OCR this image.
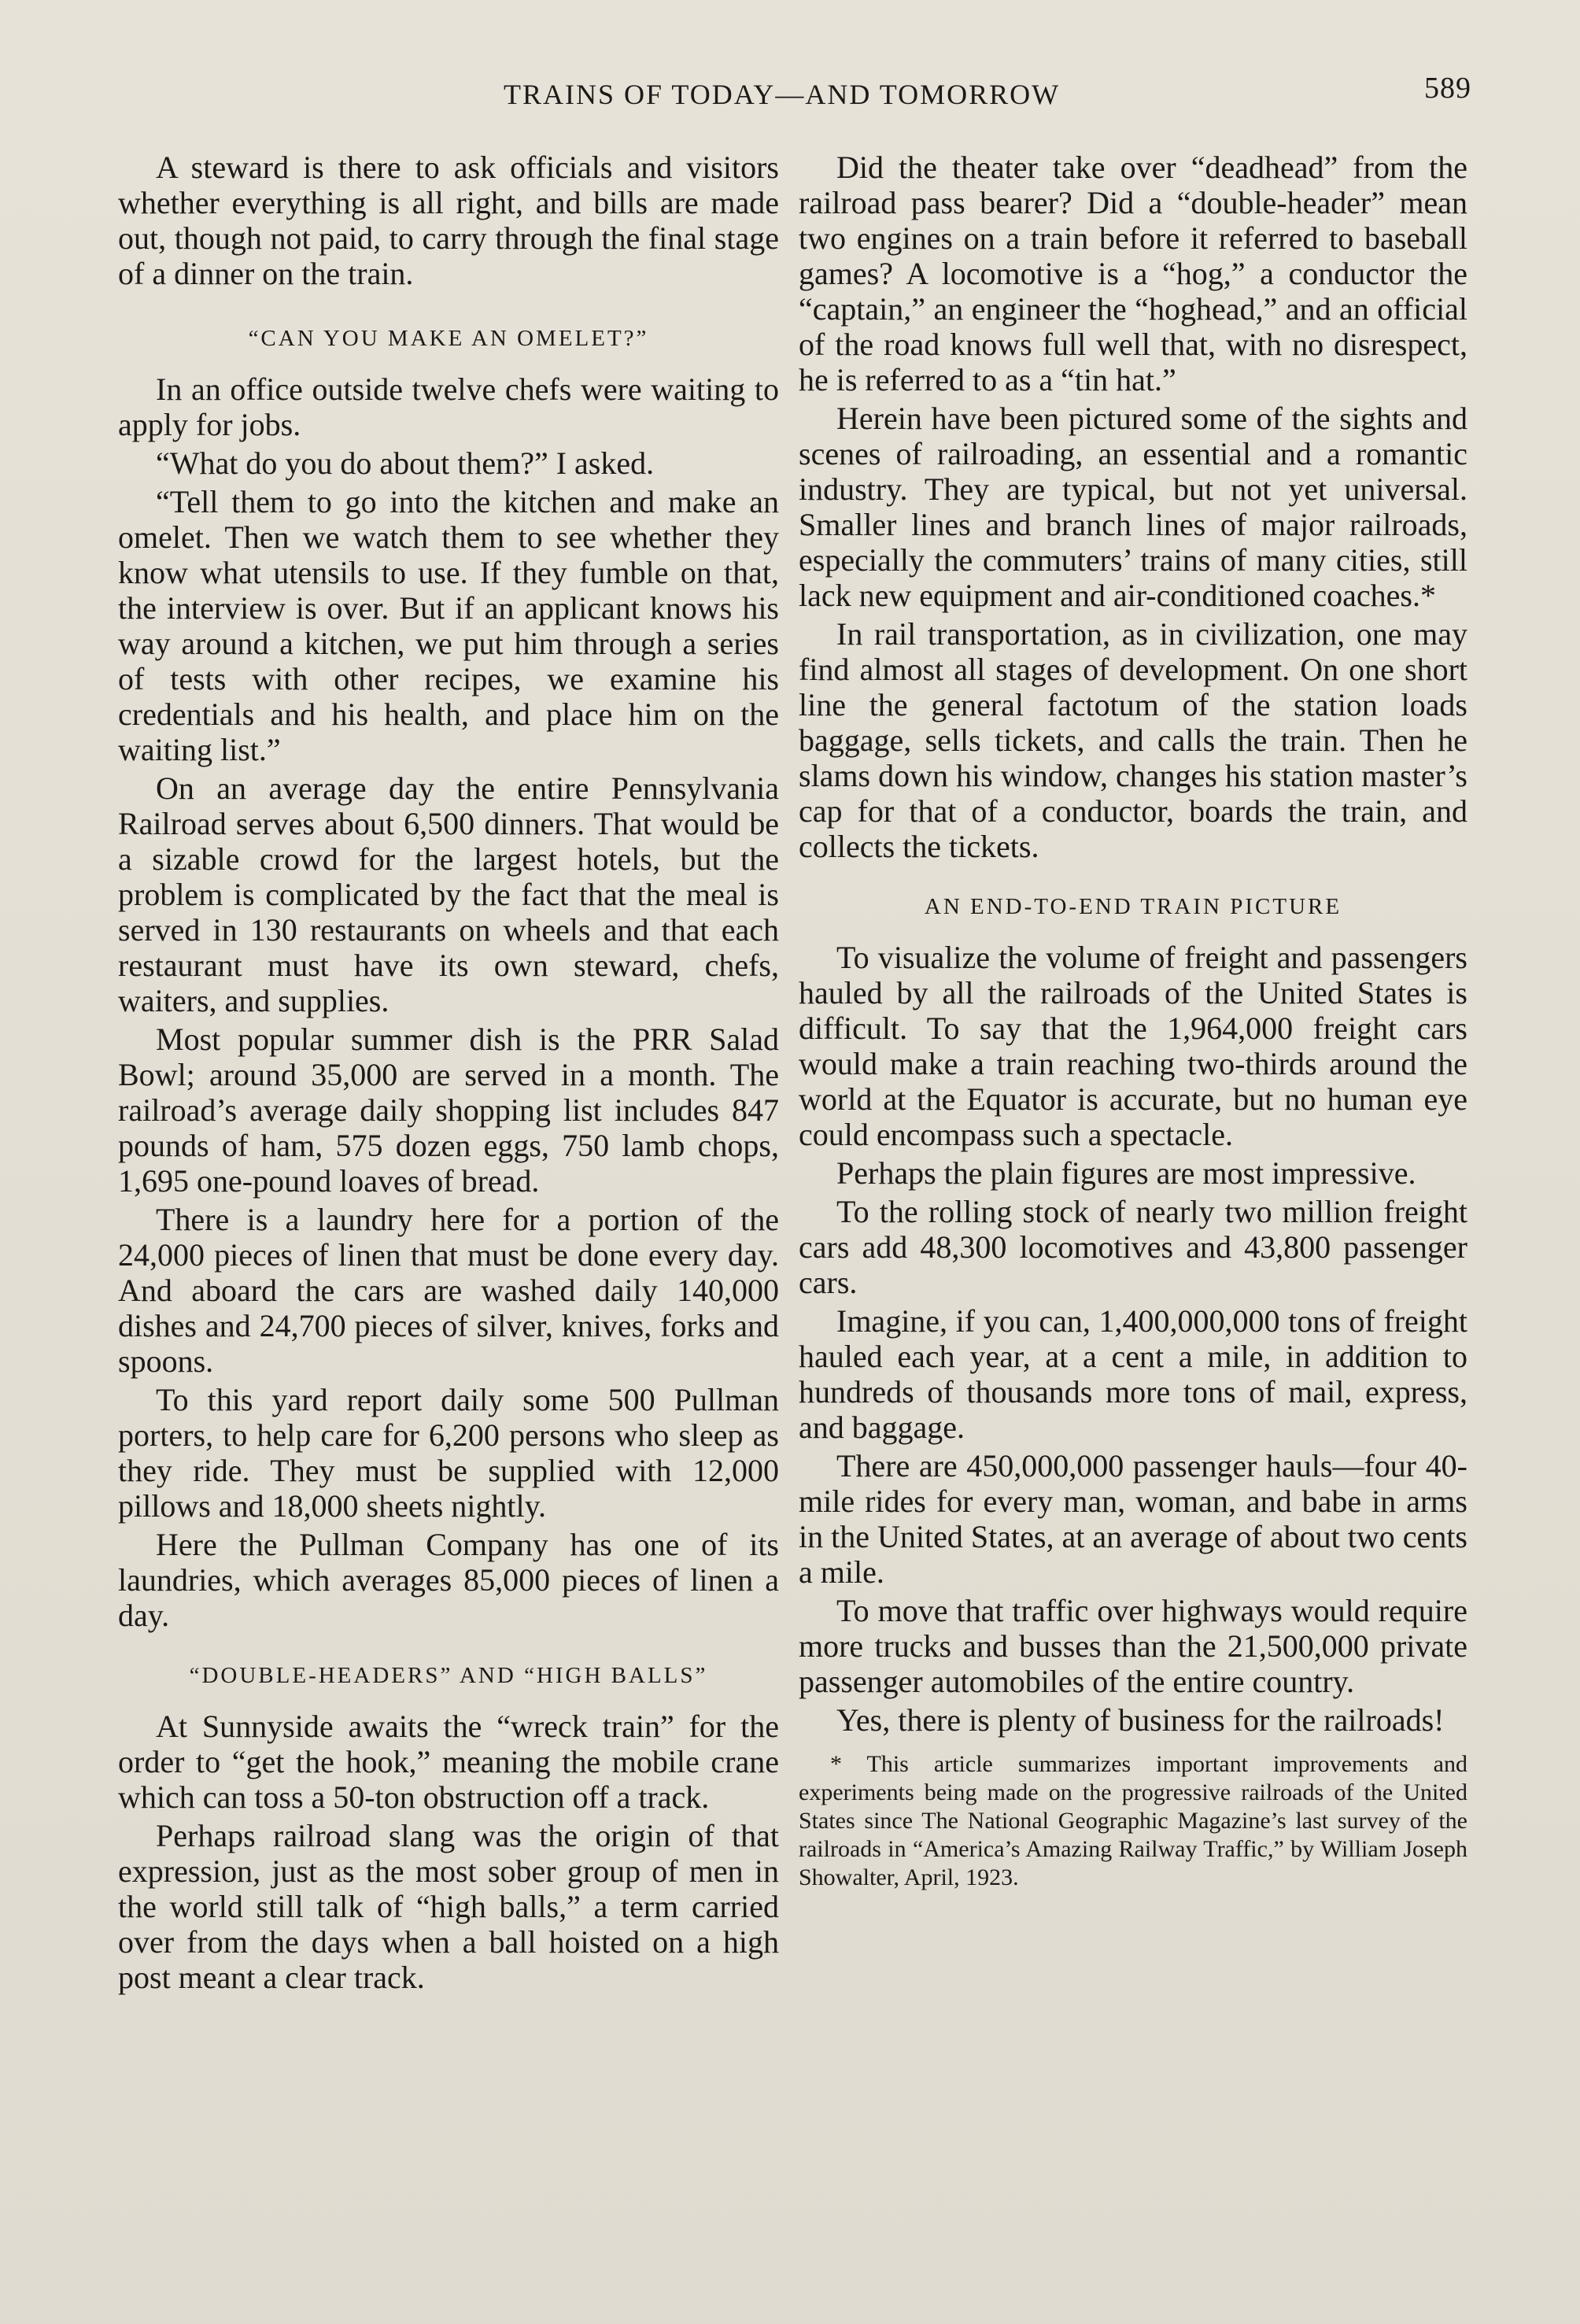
TRAINS OF TODAY—AND TOMORROW	589

A steward is there to ask officials and visitors whether everything is all right, and bills are made out, though not paid, to carry through the final stage of a dinner on the train.

“CAN YOU MAKE AN OMELET?”

In an office outside twelve chefs were waiting to apply for jobs.

“What do you do about them?” I asked.

“Tell them to go into the kitchen and make an omelet. Then we watch them to see whether they know what utensils to use. If they fumble on that, the interview is over. But if an applicant knows his way around a kitchen, we put him through a series of tests with other recipes, we examine his credentials and his health, and place him on the waiting list.”

On an average day the entire Pennsylvania Railroad serves about 6,500 dinners. That would be a sizable crowd for the largest hotels, but the problem is complicated by the fact that the meal is served in 130 restaurants on wheels and that each restaurant must have its own steward, chefs, waiters, and supplies.

Most popular summer dish is the PRR Salad Bowl; around 35,000 are served in a month. The railroad’s average daily shopping list includes 847 pounds of ham, 575 dozen eggs, 750 lamb chops, 1,695 one-pound loaves of bread.

There is a laundry here for a portion of the 24,000 pieces of linen that must be done every day. And aboard the cars are washed daily 140,000 dishes and 24,700 pieces of silver, knives, forks and spoons.

To this yard report daily some 500 Pullman porters, to help care for 6,200 persons who sleep as they ride. They must be supplied with 12,000 pillows and 18,000 sheets nightly.

Here the Pullman Company has one of its laundries, which averages 85,000 pieces of linen a day.

“DOUBLE-HEADERS” AND “HIGH BALLS”

At Sunnyside awaits the “wreck train” for the order to “get the hook,” meaning the mobile crane which can toss a 50-ton obstruction off a track.

Perhaps railroad slang was the origin of that expression, just as the most sober group of men in the world still talk of “high balls,” a term carried over from the days when a ball hoisted on a high post meant a clear track.

Did the theater take over “deadhead” from the railroad pass bearer? Did a “double-header” mean two engines on a train before it referred to baseball games? A locomotive is a “hog,” a conductor the “captain,” an engineer the “hoghead,” and an official of the road knows full well that, with no disrespect, he is referred to as a “tin hat.”

Herein have been pictured some of the sights and scenes of railroading, an essential and a romantic industry. They are typical, but not yet universal. Smaller lines and branch lines of major railroads, especially the commuters’ trains of many cities, still lack new equipment and air-conditioned coaches.*

In rail transportation, as in civilization, one may find almost all stages of development. On one short line the general factotum of the station loads baggage, sells tickets, and calls the train. Then he slams down his window, changes his station master’s cap for that of a conductor, boards the train, and collects the tickets.

AN END-TO-END TRAIN PICTURE

To visualize the volume of freight and passengers hauled by all the railroads of the United States is difficult. To say that the 1,964,000 freight cars would make a train reaching two-thirds around the world at the Equator is accurate, but no human eye could encompass such a spectacle.

Perhaps the plain figures are most impressive.

To the rolling stock of nearly two million freight cars add 48,300 locomotives and 43,800 passenger cars.

Imagine, if you can, 1,400,000,000 tons of freight hauled each year, at a cent a mile, in addition to hundreds of thousands more tons of mail, express, and baggage.

There are 450,000,000 passenger hauls—four 40-mile rides for every man, woman, and babe in arms in the United States, at an average of about two cents a mile.

To move that traffic over highways would require more trucks and busses than the 21,500,000 private passenger automobiles of the entire country.

Yes, there is plenty of business for the railroads!

* This article summarizes important improvements and experiments being made on the progressive railroads of the United States since The National Geographic Magazine’s last survey of the railroads in “America’s Amazing Railway Traffic,” by William Joseph Showalter, April, 1923.
